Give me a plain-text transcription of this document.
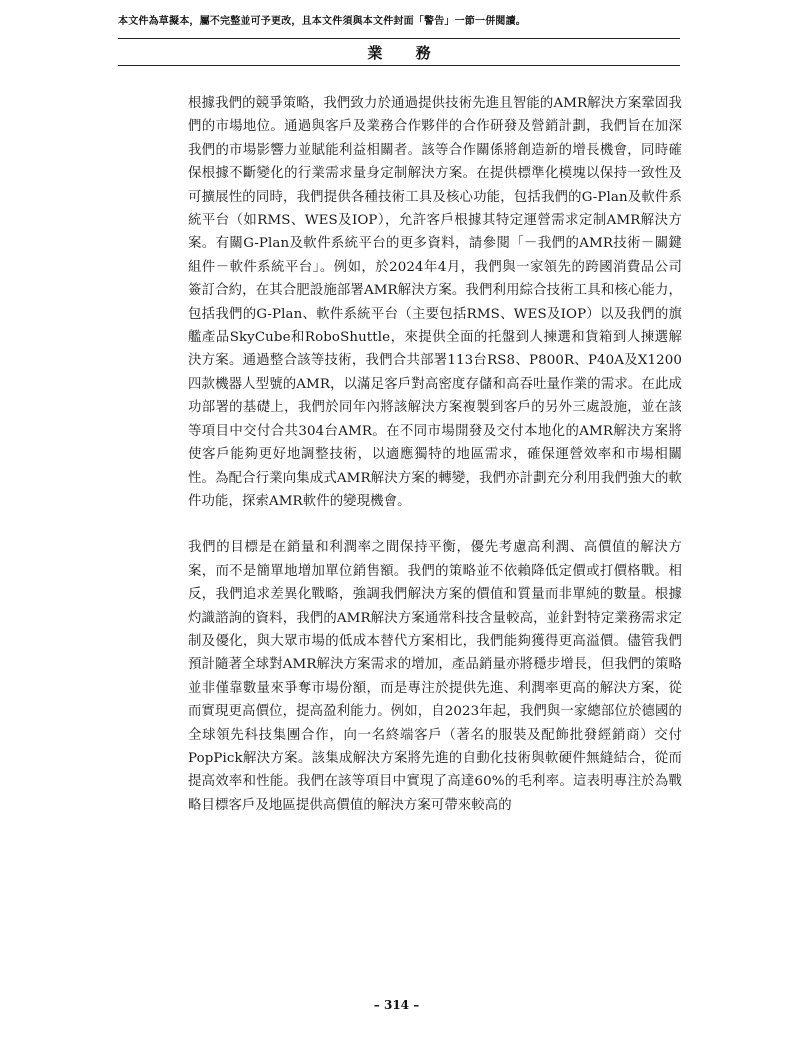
本文件為草擬本，屬不完整並可予更改，且本文件須與本文件封面「警告」一節一併閱讀。
業 務

根據我們的競爭策略，我們致力於通過提供技術先進且智能的AMR解決方案鞏固我們的市場地位。通過與客戶及業務合作夥伴的合作研發及營銷計劃，我們旨在加深我們的市場影響力並賦能利益相關者。該等合作關係將創造新的增長機會，同時確保根據不斷變化的行業需求量身定制解決方案。在提供標準化模塊以保持一致性及可擴展性的同時，我們提供各種技術工具及核心功能，包括我們的G-Plan及軟件系統平台（如RMS、WES及IOP），允許客戶根據其特定運營需求定制AMR解決方案。有關G-Plan及軟件系統平台的更多資料，請參閱「－我們的AMR技術－關鍵組件－軟件系統平台」。例如，於2024年4月，我們與一家領先的跨國消費品公司簽訂合約，在其合肥設施部署AMR解決方案。我們利用綜合技術工具和核心能力，包括我們的G-Plan、軟件系統平台（主要包括RMS、WES及IOP）以及我們的旗艦產品SkyCube和RoboShuttle，來提供全面的托盤到人揀選和貨箱到人揀選解決方案。通過整合該等技術，我們合共部署113台RS8、P800R、P40A及X1200四款機器人型號的AMR，以滿足客戶對高密度存儲和高吞吐量作業的需求。在此成功部署的基礎上，我們於同年內將該解決方案複製到客戶的另外三處設施，並在該等項目中交付合共304台AMR。在不同市場開發及交付本地化的AMR解決方案將使客戶能夠更好地調整技術，以適應獨特的地區需求，確保運營效率和市場相關性。為配合行業向集成式AMR解決方案的轉變，我們亦計劃充分利用我們強大的軟件功能，探索AMR軟件的變現機會。

我們的目標是在銷量和利潤率之間保持平衡，優先考慮高利潤、高價值的解決方案，而不是簡單地增加單位銷售額。我們的策略並不依賴降低定價或打價格戰。相反，我們追求差異化戰略，強調我們解決方案的價值和質量而非單純的數量。根據灼識諮詢的資料，我們的AMR解決方案通常科技含量較高，並針對特定業務需求定制及優化，與大眾市場的低成本替代方案相比，我們能夠獲得更高溢價。儘管我們預計隨著全球對AMR解決方案需求的增加，產品銷量亦將穩步增長，但我們的策略並非僅靠數量來爭奪市場份額，而是專注於提供先進、利潤率更高的解決方案，從而實現更高價位，提高盈利能力。例如，自2023年起，我們與一家總部位於德國的全球領先科技集團合作，向一名終端客戶（著名的服裝及配飾批發經銷商）交付PopPick解決方案。該集成解決方案將先進的自動化技術與軟硬件無縫結合，從而提高效率和性能。我們在該等項目中實現了高達60%的毛利率。這表明專注於為戰略目標客戶及地區提供高價值的解決方案可帶來較高的

– 314 –
